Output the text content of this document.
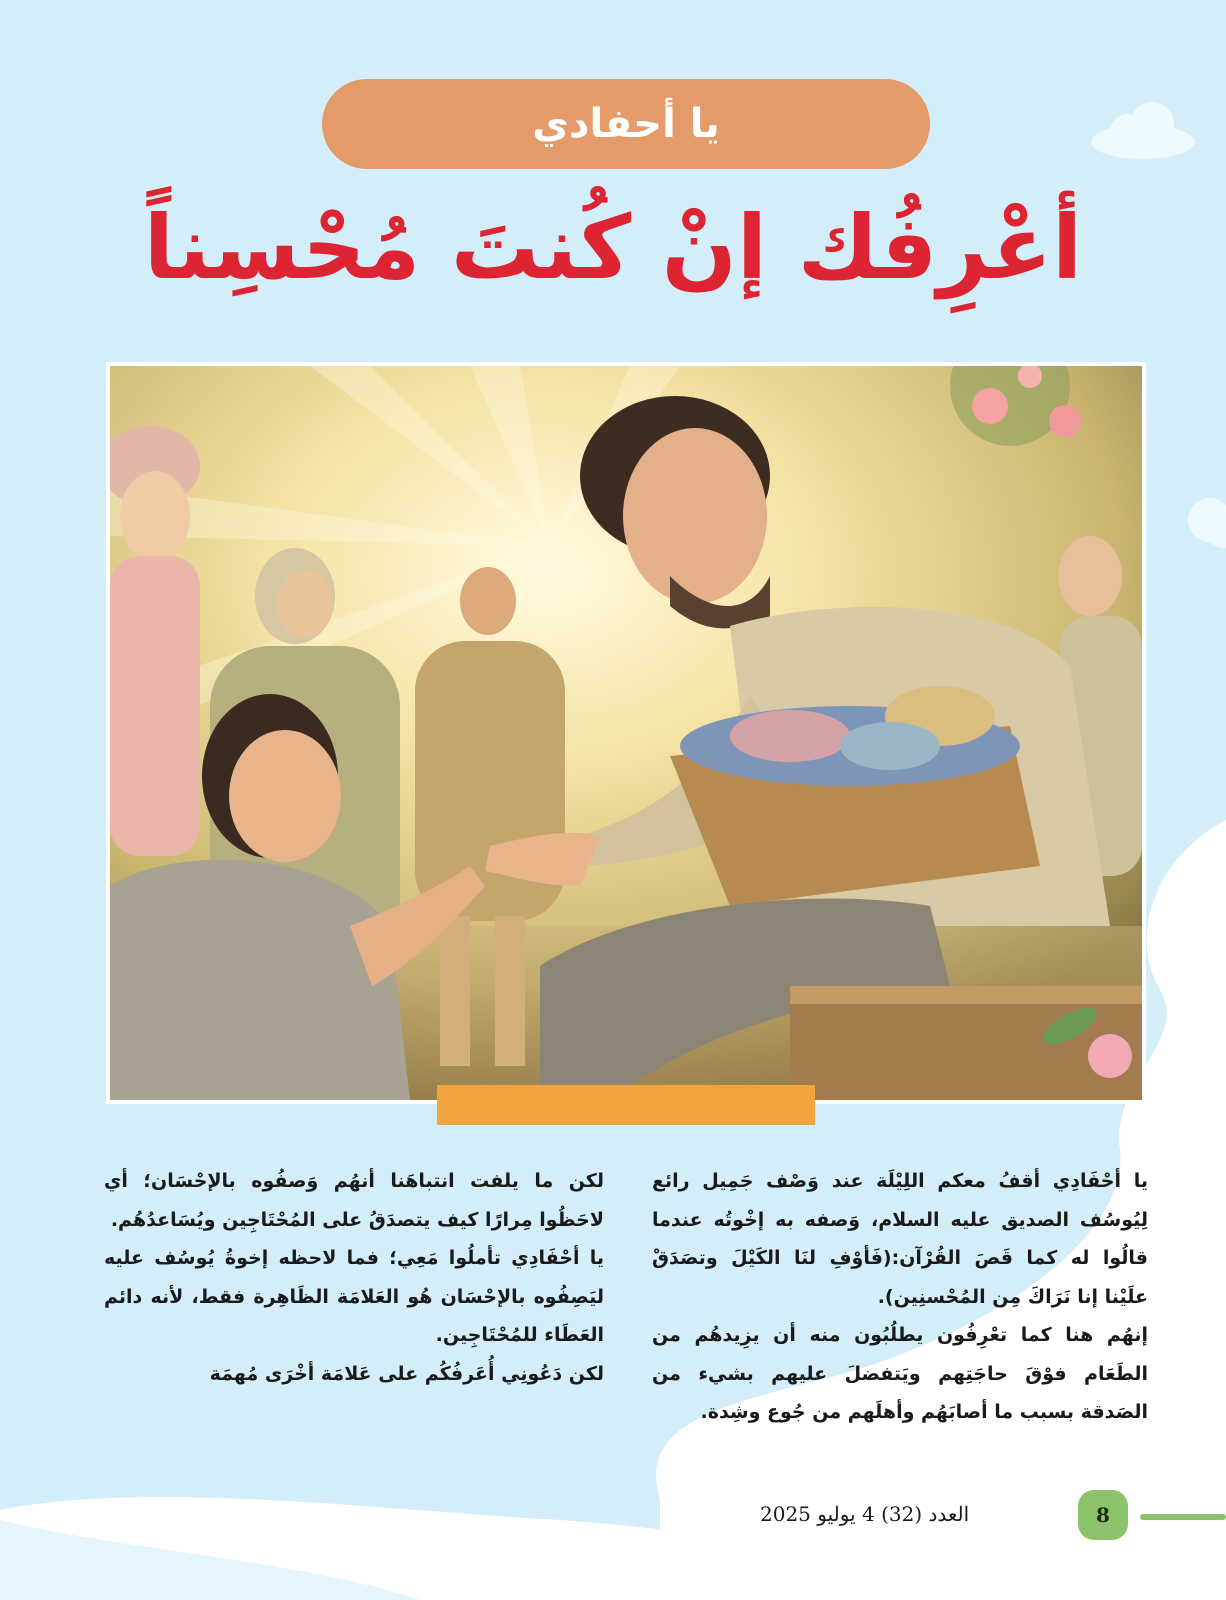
يا أحفادي
أعْرِفُك إنْ كُنتَ مُحْسِناً

يا أحْفَادِي أقفُ معكم اللِيْلَة عند وَصْف جَمِيل رائع لِيُوسُف الصديق عليه السلام، وَصفه به إخْوتُه عندما قالُوا له كما قَصَ القُرْآن:(فَأوْفِ لنَا الكَيْلَ وتصَدَقْ علَيْنا إنا نَرَاكَ مِن المُحْسنِين).

إنهُم هنا كما تعْرِفُون يطلُبُون منه أن يزِيدهُم من الطَعَام فوْقَ حاجَتِهم ويَتفضلَ عليهم بشيء من الصَدقة بسبب ما أصابَهُم وأهلَهم من جُوع وشِدة.

لكن ما يلفت انتباهَنا أنهُم وَصفُوه بالإحْسَان؛ أي لاحَظُوا مِرارًا كيف يتصدَقُ على المُحْتَاجِين ويُسَاعدُهُم.

يا أحْفَادِي تأملُوا مَعِي؛ فما لاحظه إخوةُ يُوسُف عليه ليَصِفُوه بالإحْسَان هُو العَلامَة الظَاهِرة فقط، لأنه دائم العَطَاء للمُحْتَاجِين.

لكن دَعُونِي أُعَرفُكُم على عَلامَة أخْرَى مُهمَة

8
العدد (32) 4 يوليو 2025
